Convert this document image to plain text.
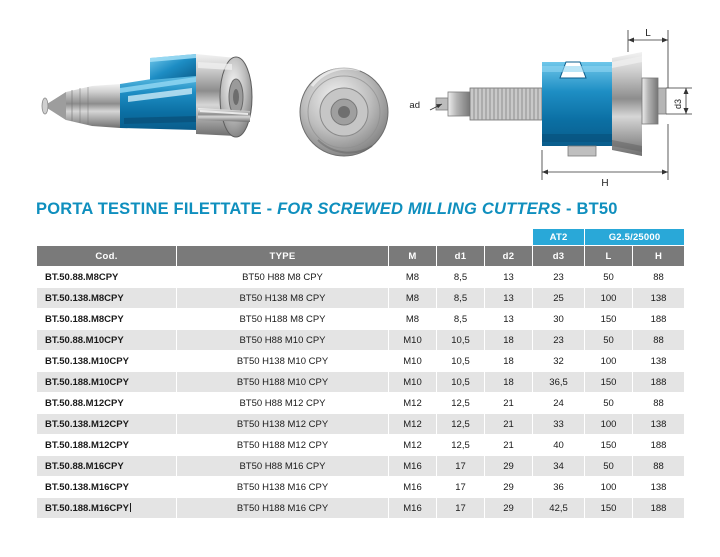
L
H
d3
ad
PORTA TESTINE FILETTATE - FOR SCREWED MILLING CUTTERS - BT50
					AT2	G2.5/25000		AD
Cod.	TYPE	M	d1	d2	d3	L	H	
BT.50.88.M8CPY	BT50 H88 M8 CPY	M8	8,5	13	23	50	88	
BT.50.138.M8CPY	BT50 H138 M8 CPY	M8	8,5	13	25	100	138	
BT.50.188.M8CPY	BT50 H188 M8 CPY	M8	8,5	13	30	150	188	
BT.50.88.M10CPY	BT50 H88 M10 CPY	M10	10,5	18	23	50	88	
BT.50.138.M10CPY	BT50 H138 M10 CPY	M10	10,5	18	32	100	138	
BT.50.188.M10CPY	BT50 H188 M10 CPY	M10	10,5	18	36,5	150	188	
BT.50.88.M12CPY	BT50 H88 M12 CPY	M12	12,5	21	24	50	88	
BT.50.138.M12CPY	BT50 H138 M12 CPY	M12	12,5	21	33	100	138	
BT.50.188.M12CPY	BT50 H188 M12 CPY	M12	12,5	21	40	150	188	
BT.50.88.M16CPY	BT50 H88 M16 CPY	M16	17	29	34	50	88	
BT.50.138.M16CPY	BT50 H138 M16 CPY	M16	17	29	36	100	138	
BT.50.188.M16CPY	BT50 H188 M16 CPY	M16	17	29	42,5	150	188	
